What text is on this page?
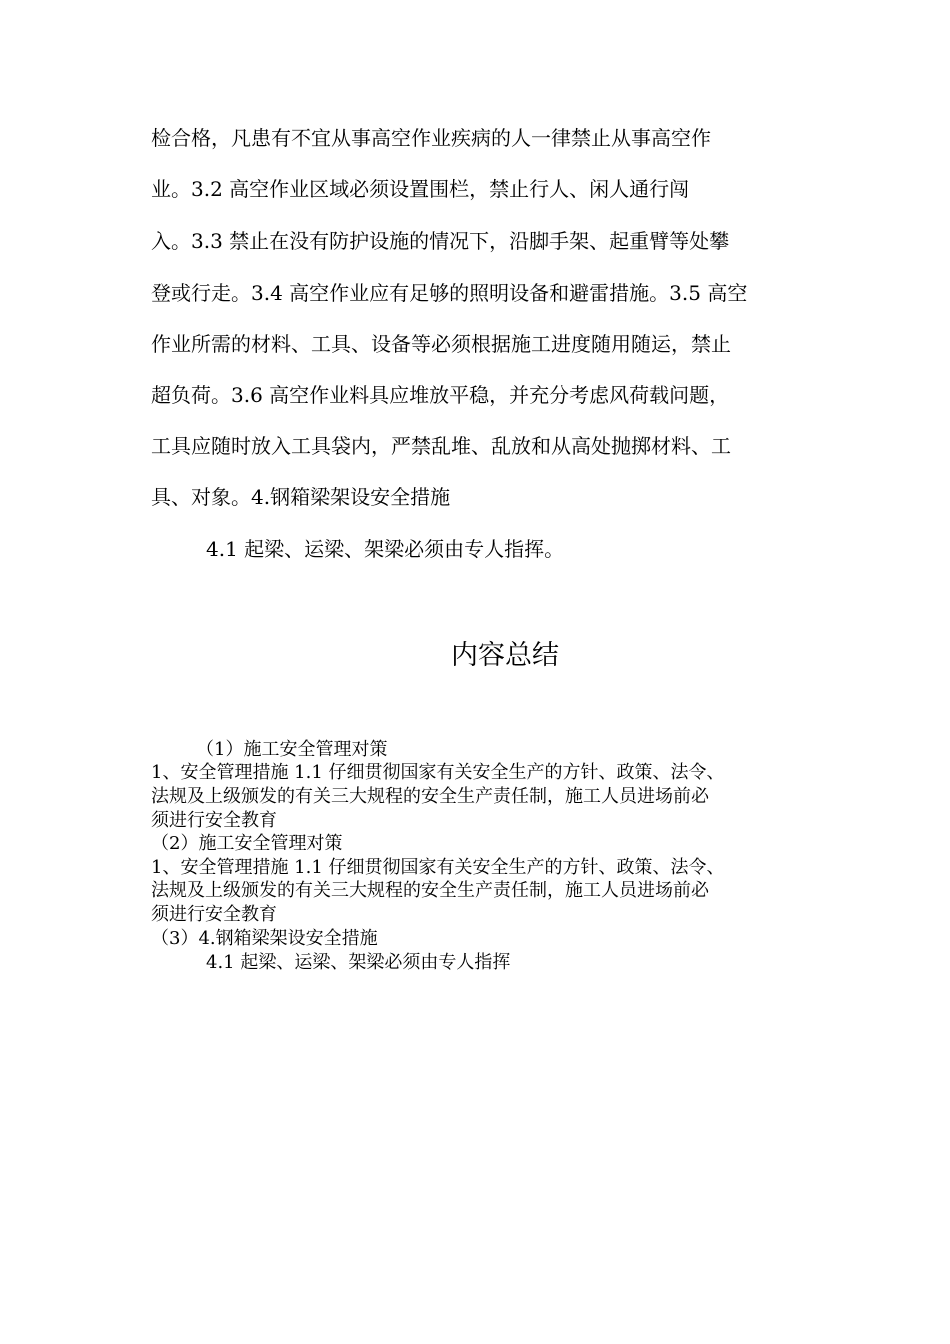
检合格，凡患有不宜从事高空作业疾病的人一律禁止从事高空作
业。3.2 高空作业区域必须设置围栏，禁止行人、闲人通行闯
入。3.3 禁止在没有防护设施的情况下，沿脚手架、起重臂等处攀
登或行走。3.4 高空作业应有足够的照明设备和避雷措施。3.5 高空
作业所需的材料、工具、设备等必须根据施工进度随用随运，禁止
超负荷。3.6 高空作业料具应堆放平稳，并充分考虑风荷载问题，
工具应随时放入工具袋内，严禁乱堆、乱放和从高处抛掷材料、工
具、对象。4.钢箱梁架设安全措施
4.1 起梁、运梁、架梁必须由专人指挥。
内容总结
（1）施工安全管理对策
1、安全管理措施 1.1 仔细贯彻国家有关安全生产的方针、政策、法令、
法规及上级颁发的有关三大规程的安全生产责任制，施工人员进场前必
须进行安全教育
（2）施工安全管理对策
1、安全管理措施 1.1 仔细贯彻国家有关安全生产的方针、政策、法令、
法规及上级颁发的有关三大规程的安全生产责任制，施工人员进场前必
须进行安全教育
（3）4.钢箱梁架设安全措施
4.1 起梁、运梁、架梁必须由专人指挥
